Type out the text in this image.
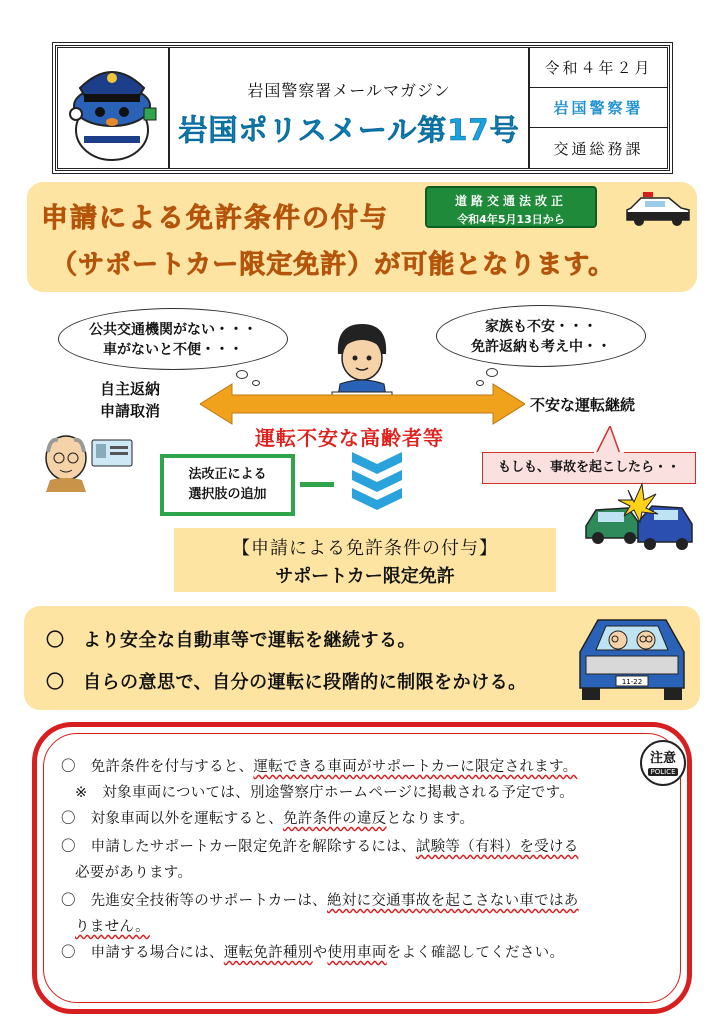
岩国警察署メールマガジン
岩国ポリスメール第17号
令和４年２月
岩国警察署
交通総務課
申請による免許条件の付与
（サポートカー限定免許）が可能となります。
道路交通法改正
令和4年5月13日から
公共交通機関がない・・・
車がないと不便・・・
家族も不安・・・
免許返納も考え中・・
自主返納
申請取消	不安な運転継続
運転不安な高齢者等
もしも、事故を起こしたら・・
法改正による
選択肢の追加
【申請による免許条件の付与】
サポートカー限定免許
〇　より安全な自動車等で運転を継続する。
〇　自らの意思で、自分の運転に段階的に制限をかける。	11-22
〇　免許条件を付与すると、運転できる車両がサポートカーに限定されます。
※　対象車両については、別途警察庁ホームページに掲載される予定です。
〇　対象車両以外を運転すると、免許条件の違反となります。
〇　申請したサポートカー限定免許を解除するには、試験等（有料）を受ける
必要があります。
〇　先進安全技術等のサポートカーは、絶対に交通事故を起こさない車ではあ
りません。
〇　申請する場合には、運転免許種別や使用車両をよく確認してください。
注意
POLICE
